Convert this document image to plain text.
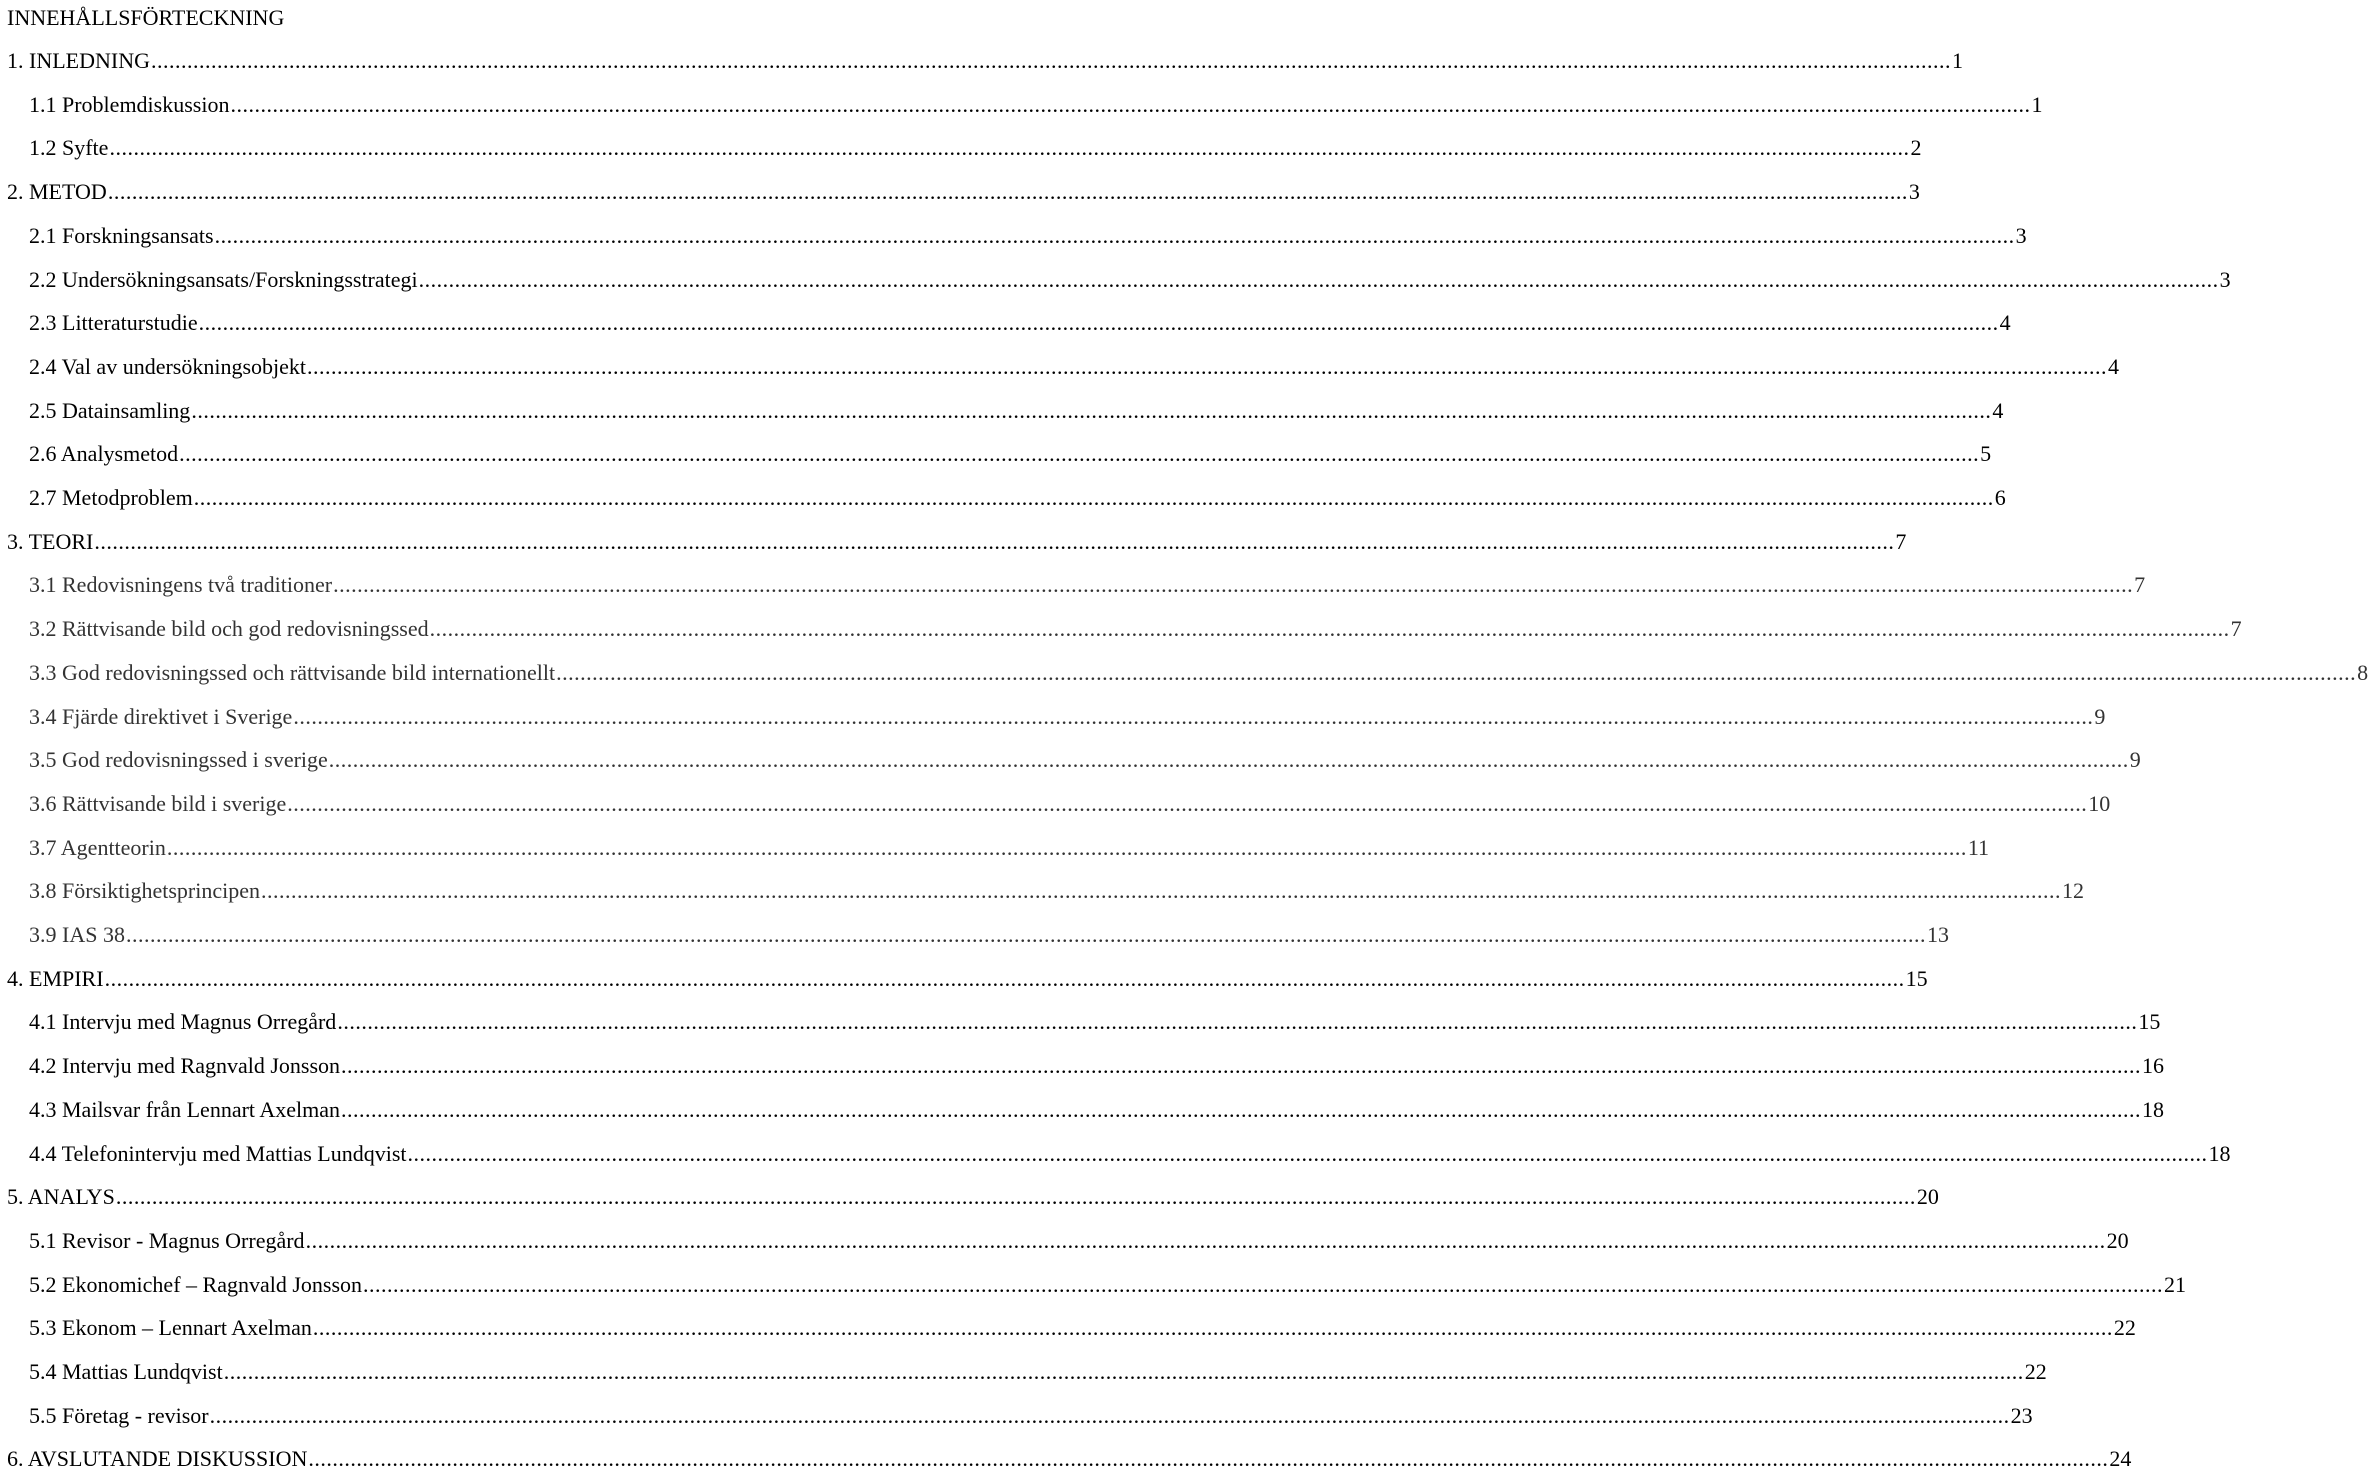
INNEHÅLLSFÖRTECKNING
1. INLEDNING ............................................................................................................................................................................................................................................................................................................ 1
1.1 Problemdiskussion ............................................................................................................................................................................................................................................................................................................ 1
1.2 Syfte ............................................................................................................................................................................................................................................................................................................ 2
2. METOD ............................................................................................................................................................................................................................................................................................................ 3
2.1 Forskningsansats ............................................................................................................................................................................................................................................................................................................ 3
2.2 Undersökningsansats/Forskningsstrategi ............................................................................................................................................................................................................................................................................................................ 3
2.3 Litteraturstudie ............................................................................................................................................................................................................................................................................................................ 4
2.4 Val av undersökningsobjekt ............................................................................................................................................................................................................................................................................................................ 4
2.5 Datainsamling ............................................................................................................................................................................................................................................................................................................ 4
2.6 Analysmetod ............................................................................................................................................................................................................................................................................................................ 5
2.7 Metodproblem ............................................................................................................................................................................................................................................................................................................ 6
3. TEORI ............................................................................................................................................................................................................................................................................................................ 7
3.1 Redovisningens två traditioner ............................................................................................................................................................................................................................................................................................................ 7
3.2 Rättvisande bild och god redovisningssed ............................................................................................................................................................................................................................................................................................................ 7
3.3 God redovisningssed och rättvisande bild internationellt ............................................................................................................................................................................................................................................................................................................ 8
3.4 Fjärde direktivet i Sverige ............................................................................................................................................................................................................................................................................................................ 9
3.5 God redovisningssed i sverige ............................................................................................................................................................................................................................................................................................................ 9
3.6 Rättvisande bild i sverige ............................................................................................................................................................................................................................................................................................................ 10
3.7 Agentteorin ............................................................................................................................................................................................................................................................................................................ 11
3.8 Försiktighetsprincipen ............................................................................................................................................................................................................................................................................................................ 12
3.9 IAS 38 ............................................................................................................................................................................................................................................................................................................ 13
4. EMPIRI ............................................................................................................................................................................................................................................................................................................ 15
4.1 Intervju med Magnus Orregård ............................................................................................................................................................................................................................................................................................................ 15
4.2 Intervju med Ragnvald Jonsson ............................................................................................................................................................................................................................................................................................................ 16
4.3 Mailsvar från Lennart Axelman ............................................................................................................................................................................................................................................................................................................ 18
4.4 Telefonintervju med Mattias Lundqvist ............................................................................................................................................................................................................................................................................................................ 18
5. ANALYS ............................................................................................................................................................................................................................................................................................................ 20
5.1 Revisor - Magnus Orregård ............................................................................................................................................................................................................................................................................................................ 20
5.2 Ekonomichef – Ragnvald Jonsson ............................................................................................................................................................................................................................................................................................................ 21
5.3 Ekonom – Lennart Axelman ............................................................................................................................................................................................................................................................................................................ 22
5.4 Mattias Lundqvist ............................................................................................................................................................................................................................................................................................................ 22
5.5 Företag - revisor ............................................................................................................................................................................................................................................................................................................ 23
6. AVSLUTANDE DISKUSSION ............................................................................................................................................................................................................................................................................................................ 24
